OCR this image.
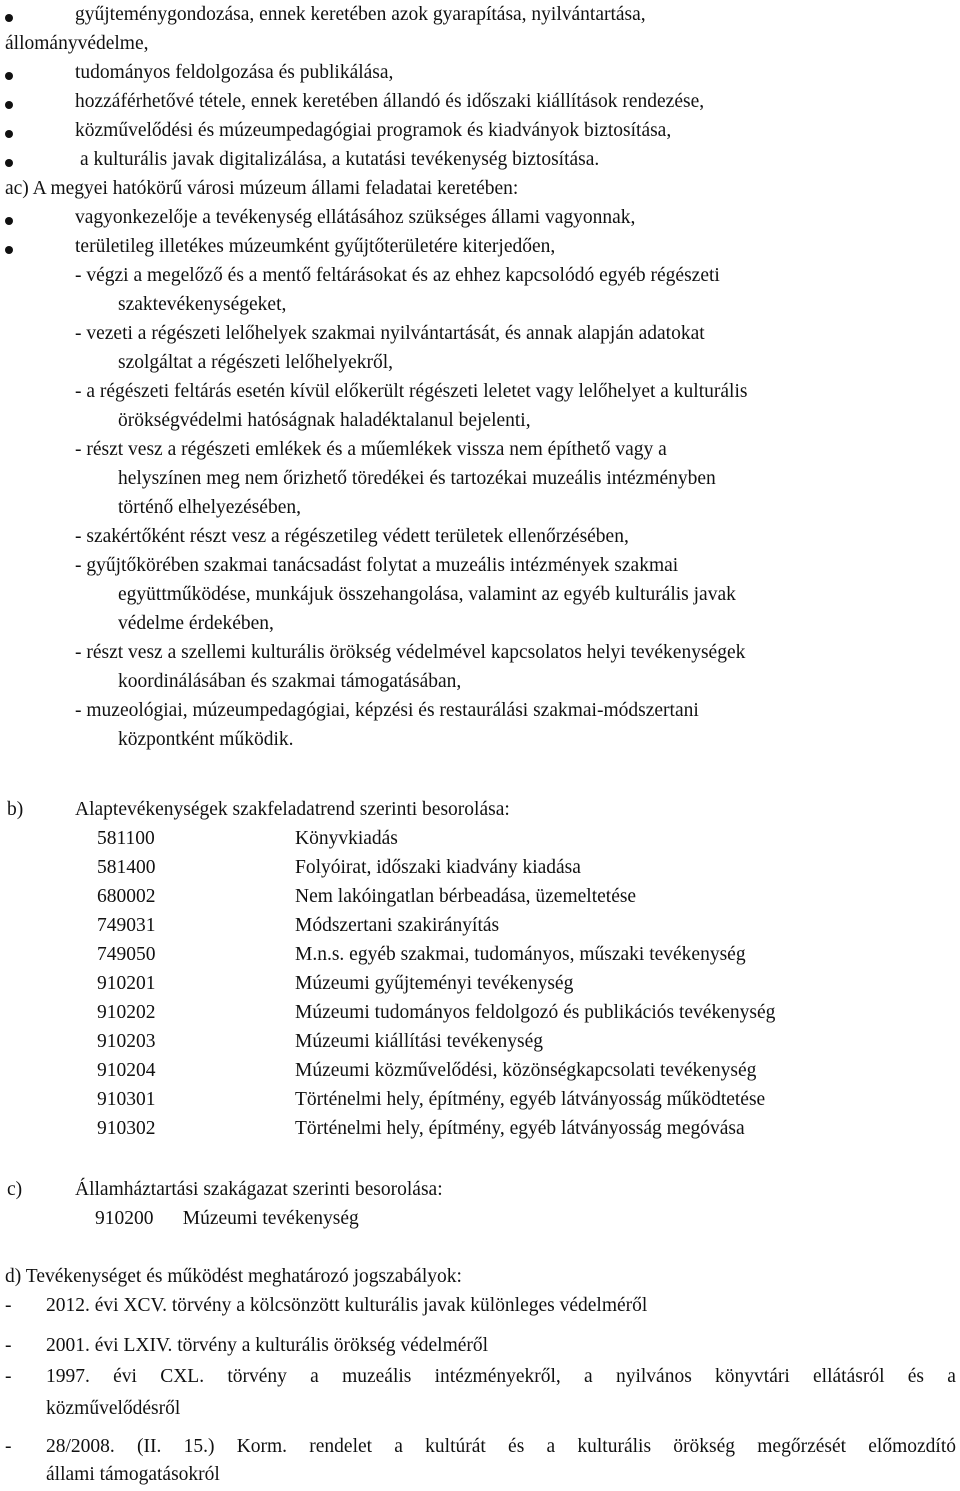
gyűjteménygondozása, ennek keretében azok gyarapítása, nyilvántartása,
állományvédelme,
tudományos feldolgozása és publikálása,
hozzáférhetővé tétele, ennek keretében állandó és időszaki kiállítások rendezése,
közművelődési és múzeumpedagógiai programok és kiadványok biztosítása,
a kulturális javak digitalizálása, a kutatási tevékenység biztosítása.
ac) A megyei hatókörű városi múzeum állami feladatai keretében:
vagyonkezelője a tevékenység ellátásához szükséges állami vagyonnak,
területileg illetékes múzeumként gyűjtőterületére kiterjedően,
- végzi a megelőző és a mentő feltárásokat és az ehhez kapcsolódó egyéb régészeti
szaktevékenységeket,
- vezeti a régészeti lelőhelyek szakmai nyilvántartását, és annak alapján adatokat
szolgáltat a régészeti lelőhelyekről,
- a régészeti feltárás esetén kívül előkerült régészeti leletet vagy lelőhelyet a kulturális
örökségvédelmi hatóságnak haladéktalanul bejelenti,
- részt vesz a régészeti emlékek és a műemlékek vissza nem építhető vagy a
helyszínen meg nem őrizhető töredékei és tartozékai muzeális intézményben
történő elhelyezésében,
- szakértőként részt vesz a régészetileg védett területek ellenőrzésében,
- gyűjtőkörében szakmai tanácsadást folytat a muzeális intézmények szakmai
együttműködése, munkájuk összehangolása, valamint az egyéb kulturális javak
védelme érdekében,
- részt vesz a szellemi kulturális örökség védelmével kapcsolatos helyi tevékenységek
koordinálásában és szakmai támogatásában,
- muzeológiai, múzeumpedagógiai, képzési és restaurálási szakmai-módszertani
központként működik.
b)	Alaptevékenységek szakfeladatrend szerinti besorolása:
581100	Könyvkiadás
581400	Folyóirat, időszaki kiadvány kiadása
680002	Nem lakóingatlan bérbeadása, üzemeltetése
749031	Módszertani szakirányítás
749050	M.n.s. egyéb szakmai, tudományos, műszaki tevékenység
910201	Múzeumi gyűjteményi tevékenység
910202	Múzeumi tudományos feldolgozó és publikációs tevékenység
910203	Múzeumi kiállítási tevékenység
910204	Múzeumi közművelődési, közönségkapcsolati tevékenység
910301	Történelmi hely, építmény, egyéb látványosság működtetése
910302	Történelmi hely, építmény, egyéb látványosság megóvása
c)	Államháztartási szakágazat szerinti besorolása:
910200      Múzeumi tevékenység
d) Tevékenységet és működést meghatározó jogszabályok:
- 2012. évi XCV. törvény a kölcsönzött kulturális javak különleges védelméről
- 2001. évi LXIV. törvény a kulturális örökség védelméről
- 1997. évi CXL. törvény a muzeális intézményekről, a nyilvános könyvtári ellátásról és a
közművelődésről
- 28/2008. (II. 15.) Korm. rendelet a kultúrát és a kulturális örökség megőrzését előmozdító
állami támogatásokról
